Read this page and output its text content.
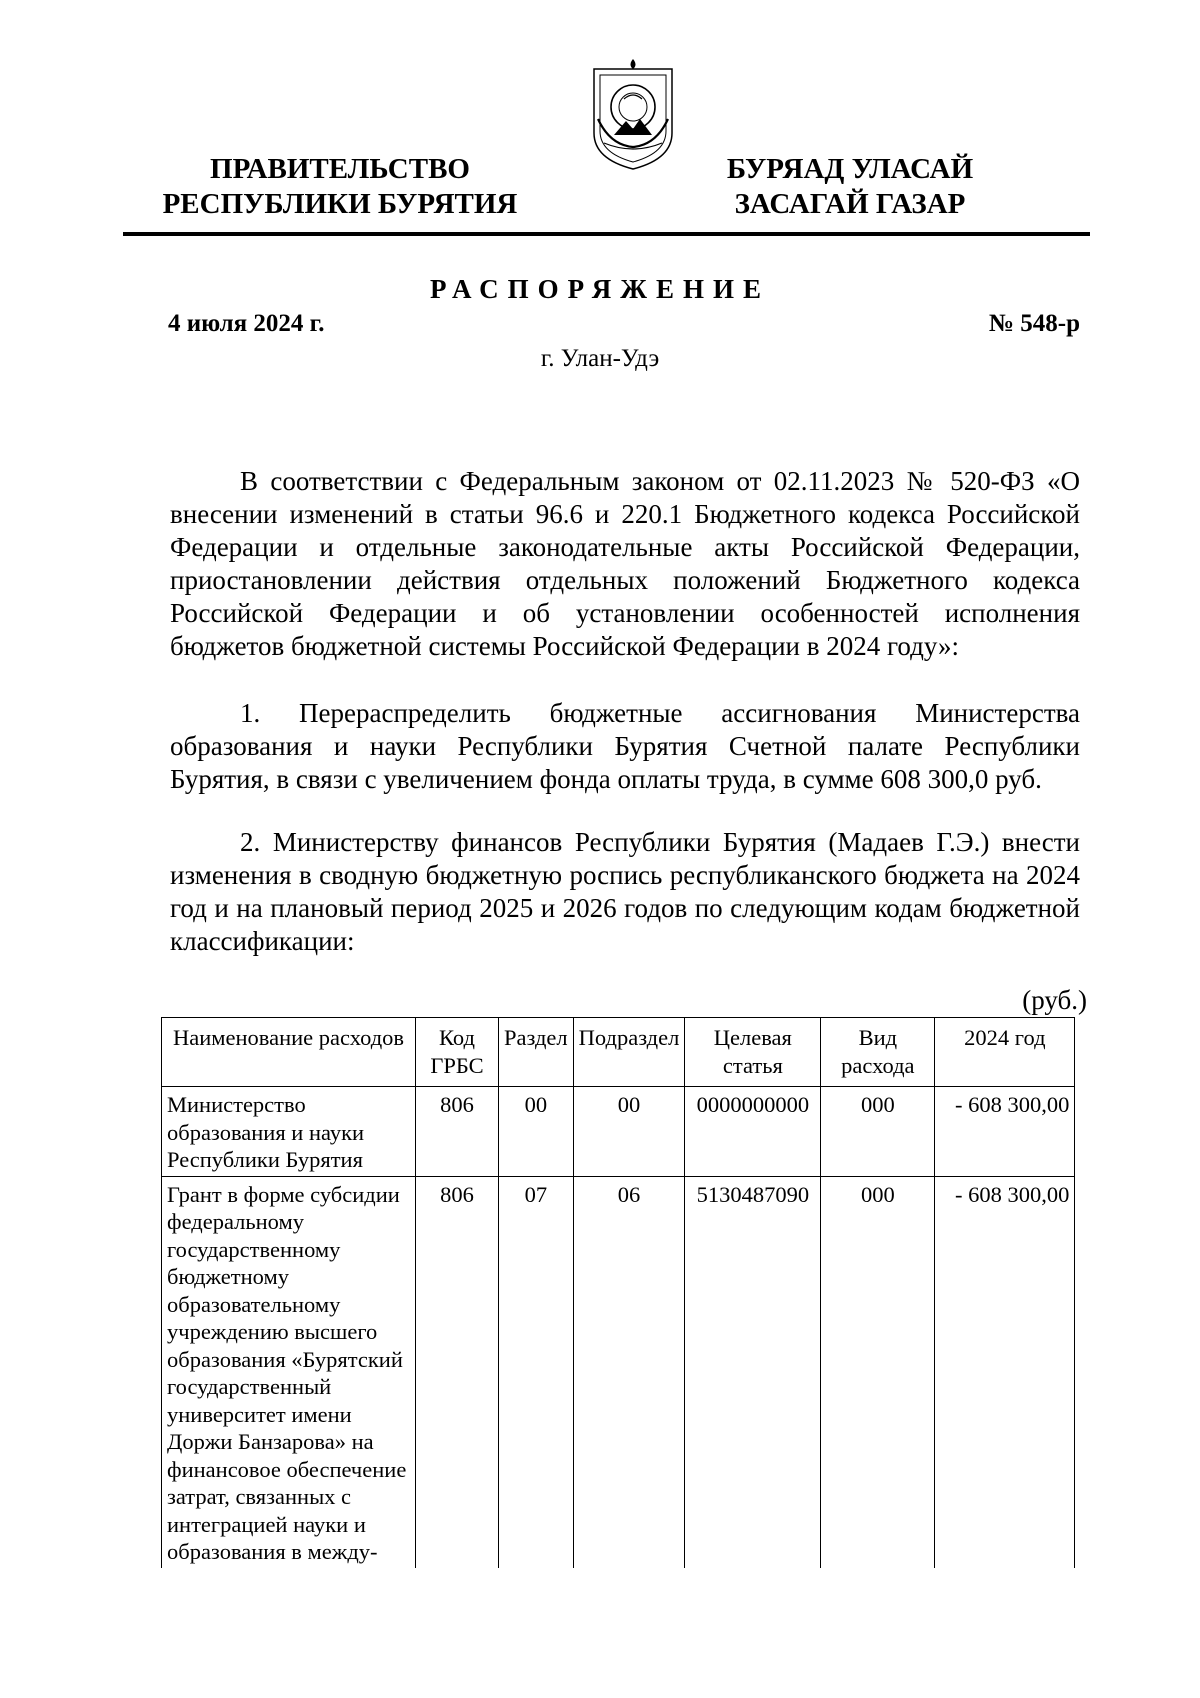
ПРАВИТЕЛЬСТВО
РЕСПУБЛИКИ БУРЯТИЯ
БУРЯАД УЛАСАЙ
ЗАСАГАЙ ГАЗАР
РАСПОРЯЖЕНИЕ
4 июля 2024 г.	№ 548-р
г. Улан-Удэ

В соответствии с Федеральным законом от 02.11.2023 № 520-ФЗ «О внесении изменений в статьи 96.6 и 220.1 Бюджетного кодекса Российской Федерации и отдельные законодательные акты Российской Федерации, приостановлении действия отдельных положений Бюджетного кодекса Российской Федерации и об установлении особенностей исполнения бюджетов бюджетной системы Российской Федерации в 2024 году»:

1. Перераспределить бюджетные ассигнования Министерства образования и науки Республики Бурятия Счетной палате Республики Бурятия, в связи с увеличением фонда оплаты труда, в сумме 608 300,0 руб.

2. Министерству финансов Республики Бурятия (Мадаев Г.Э.) внести изменения в сводную бюджетную роспись республиканского бюджета на 2024 год и на плановый период 2025 и 2026 годов по следующим кодам бюджетной классификации:

(руб.)
Наименование расходов	Код ГРБС	Раздел	Подраздел	Целевая статья	Вид расхода	2024 год
Министерство образования и науки Республики Бурятия	806	00	00	0000000000	000	- 608 300,00
Грант в форме субсидии федеральному государственному бюджетному образовательному учреждению высшего образования «Бурятский государственный университет имени Доржи Банзарова» на финансовое обеспечение затрат, связанных с интеграцией науки и образования в между-	806	07	06	5130487090	000	- 608 300,00
